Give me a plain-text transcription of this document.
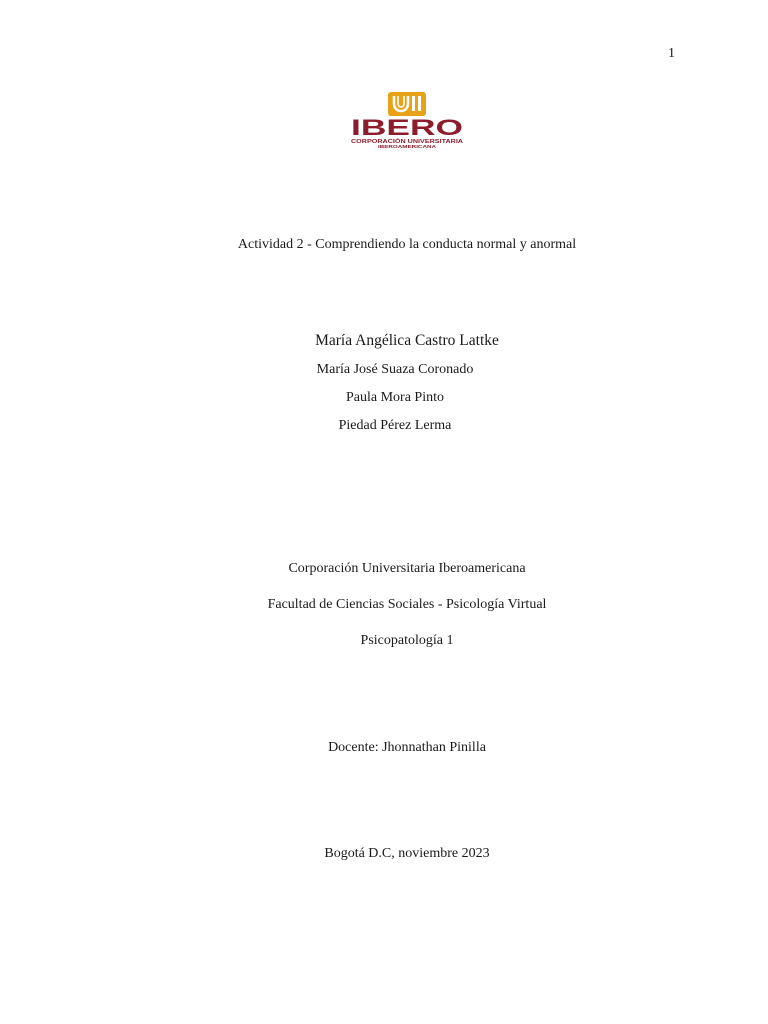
1
IBERO
CORPORACIÓN UNIVERSITARIA
IBEROAMERICANA
Actividad 2 - Comprendiendo la conducta normal y anormal
María Angélica Castro Lattke
María José Suaza Coronado
Paula Mora Pinto
Piedad Pérez Lerma
Corporación Universitaria Iberoamericana
Facultad de Ciencias Sociales - Psicología Virtual
Psicopatología 1
Docente: Jhonnathan Pinilla
Bogotá D.C, noviembre 2023
